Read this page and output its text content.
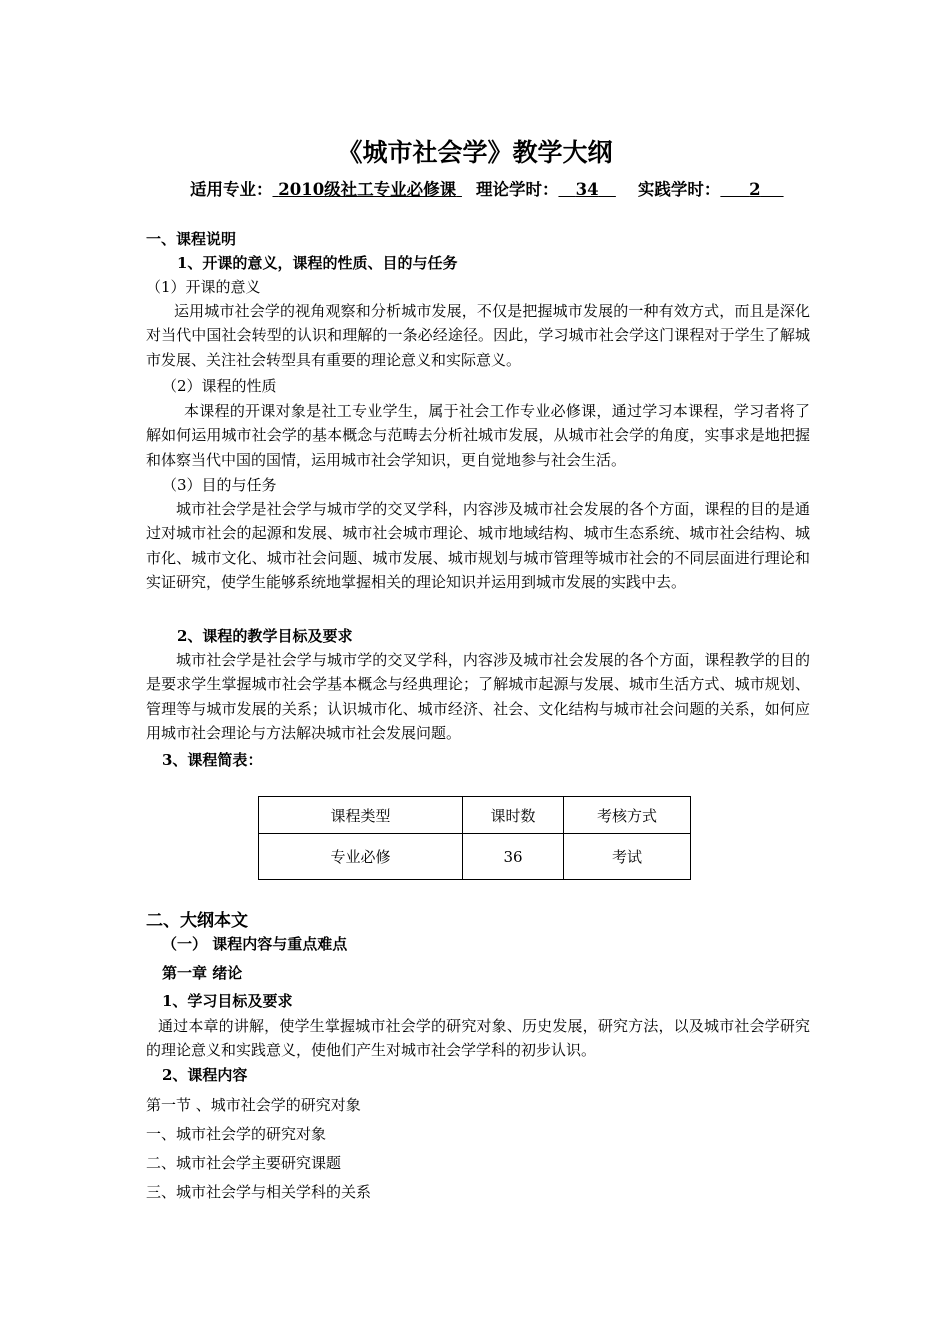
《城市社会学》教学大纲
适用专业： 2010级社工专业必修课 理论学时： 34 实践学时： 2
一、课程说明
1、开课的意义，课程的性质、目的与任务
（1）开课的意义
运用城市社会学的视角观察和分析城市发展，不仅是把握城市发展的一种有效方式，而且是深化对当代中国社会转型的认识和理解的一条必经途径。因此，学习城市社会学这门课程对于学生了解城市发展、关注社会转型具有重要的理论意义和实际意义。
（2）课程的性质
本课程的开课对象是社工专业学生，属于社会工作专业必修课，通过学习本课程，学习者将了解如何运用城市社会学的基本概念与范畴去分析社城市发展，从城市社会学的角度，实事求是地把握和体察当代中国的国情，运用城市社会学知识，更自觉地参与社会生活。
（3）目的与任务
城市社会学是社会学与城市学的交叉学科，内容涉及城市社会发展的各个方面，课程的目的是通过对城市社会的起源和发展、城市社会城市理论、城市地域结构、城市生态系统、城市社会结构、城市化、城市文化、城市社会问题、城市发展、城市规划与城市管理等城市社会的不同层面进行理论和实证研究，使学生能够系统地掌握相关的理论知识并运用到城市发展的实践中去。
2、课程的教学目标及要求
城市社会学是社会学与城市学的交叉学科，内容涉及城市社会发展的各个方面，课程教学的目的是要求学生掌握城市社会学基本概念与经典理论；了解城市起源与发展、城市生活方式、城市规划、管理等与城市发展的关系；认识城市化、城市经济、社会、文化结构与城市社会问题的关系，如何应用城市社会理论与方法解决城市社会发展问题。
3、课程简表：
课程类型	课时数	考核方式
专业必修	36	考试
二、大纲本文
（一） 课程内容与重点难点
第一章 绪论
1、学习目标及要求
通过本章的讲解，使学生掌握城市社会学的研究对象、历史发展，研究方法，以及城市社会学研究的理论意义和实践意义，使他们产生对城市社会学学科的初步认识。
2、课程内容
第一节 、城市社会学的研究对象
一、城市社会学的研究对象
二、城市社会学主要研究课题
三、城市社会学与相关学科的关系
